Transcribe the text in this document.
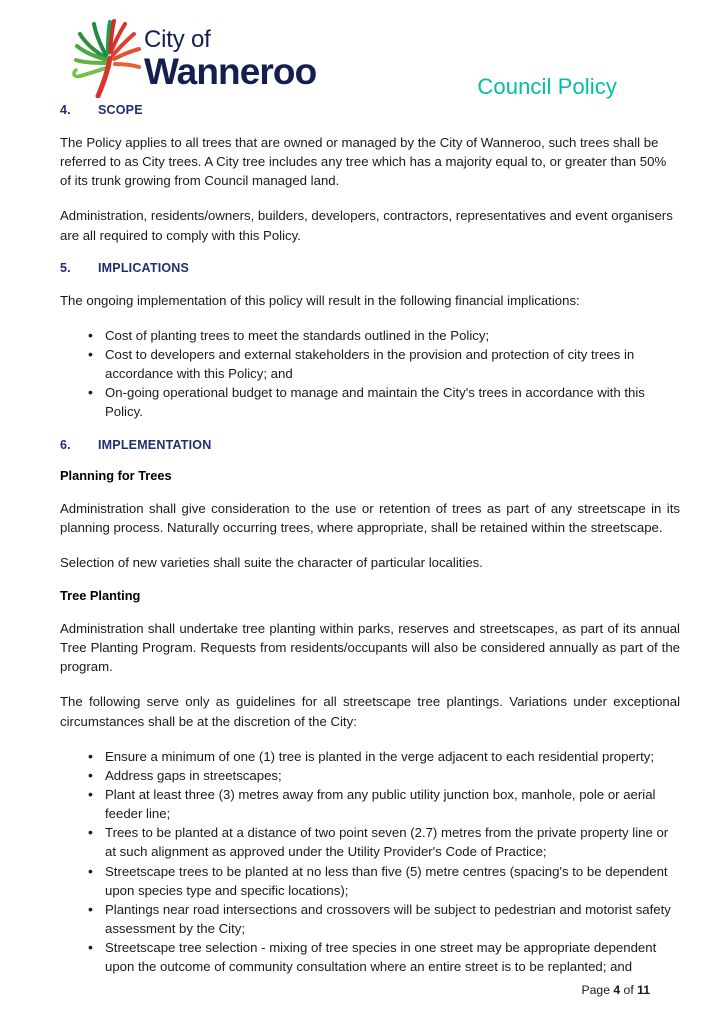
City of
Wanneroo	Council Policy
4.	SCOPE

The Policy applies to all trees that are owned or managed by the City of Wanneroo, such trees shall be referred to as City trees. A City tree includes any tree which has a majority equal to, or greater than 50% of its trunk growing from Council managed land.

Administration, residents/owners, builders, developers, contractors, representatives and event organisers are all required to comply with this Policy.

5.	IMPLICATIONS

The ongoing implementation of this policy will result in the following financial implications:

• Cost of planting trees to meet the standards outlined in the Policy;
• Cost to developers and external stakeholders in the provision and protection of city trees in accordance with this Policy; and
• On-going operational budget to manage and maintain the City's trees in accordance with this Policy.
6.	IMPLEMENTATION
Planning for Trees

Administration shall give consideration to the use or retention of trees as part of any streetscape in its planning process. Naturally occurring trees, where appropriate, shall be retained within the streetscape.

Selection of new varieties shall suite the character of particular localities.

Tree Planting

Administration shall undertake tree planting within parks, reserves and streetscapes, as part of its annual Tree Planting Program. Requests from residents/occupants will also be considered annually as part of the program.

The following serve only as guidelines for all streetscape tree plantings. Variations under exceptional circumstances shall be at the discretion of the City:

• Ensure a minimum of one (1) tree is planted in the verge adjacent to each residential property;
• Address gaps in streetscapes;
• Plant at least three (3) metres away from any public utility junction box, manhole, pole or aerial feeder line;
• Trees to be planted at a distance of two point seven (2.7) metres from the private property line or at such alignment as approved under the Utility Provider's Code of Practice;
• Streetscape trees to be planted at no less than five (5) metre centres (spacing's to be dependent upon species type and specific locations);
• Plantings near road intersections and crossovers will be subject to pedestrian and motorist safety assessment by the City;
• Streetscape tree selection - mixing of tree species in one street may be appropriate dependent upon the outcome of community consultation where an entire street is to be replanted; and
Page 4 of 11
